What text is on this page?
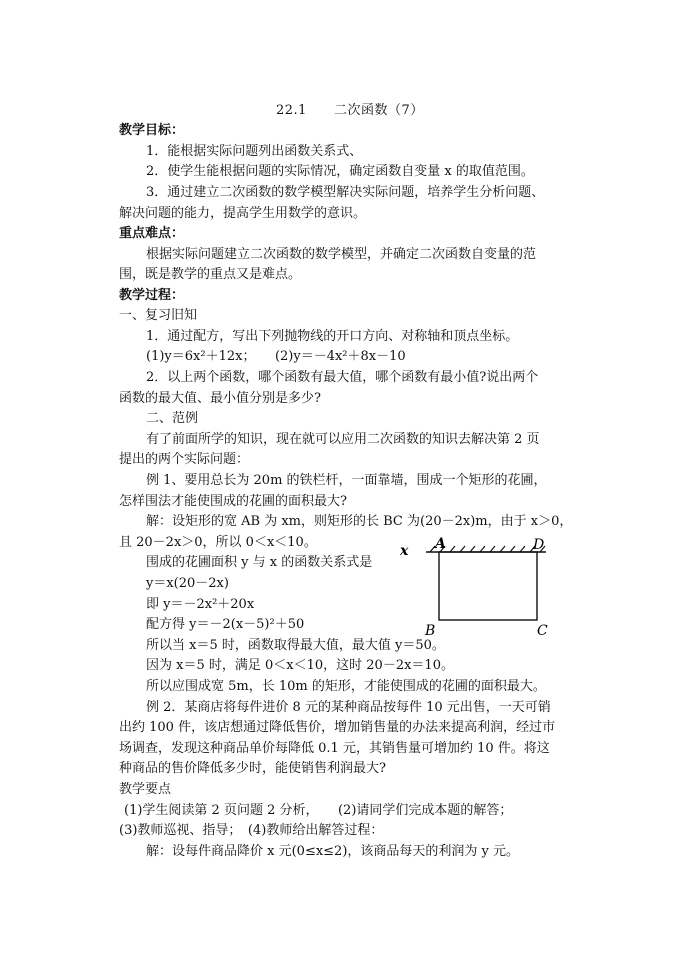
22.1　　二次函数（7）
教学目标：
1．能根据实际问题列出函数关系式、
2．使学生能根据问题的实际情况，确定函数自变量 x 的取值范围。
3．通过建立二次函数的数学模型解决实际问题，培养学生分析问题、
解决问题的能力，提高学生用数学的意识。
重点难点：
根据实际问题建立二次函数的数学模型，并确定二次函数自变量的范
围，既是教学的重点又是难点。
教学过程：
一、复习旧知
1．通过配方，写出下列抛物线的开口方向、对称轴和顶点坐标。
(1)y＝6x²＋12x；　　(2)y＝－4x²＋8x－10
2．以上两个函数，哪个函数有最大值，哪个函数有最小值?说出两个
函数的最大值、最小值分别是多少?
二、范例
有了前面所学的知识，现在就可以应用二次函数的知识去解决第 2 页
提出的两个实际问题：
例 1、要用总长为 20m 的铁栏杆，一面靠墙，围成一个矩形的花圃，
怎样围法才能使围成的花圃的面积最大?
解：设矩形的宽 AB 为 xm，则矩形的长 BC 为(20－2x)m，由于 x＞0，
且 20－2x＞0，所以 0＜x＜10。
围成的花圃面积 y 与 x 的函数关系式是
y＝x(20－2x)
即 y＝－2x²＋20x
配方得 y＝－2(x－5)²＋50
所以当 x＝5 时，函数取得最大值，最大值 y＝50。
因为 x＝5 时，满足 0＜x＜10，这时 20－2x＝10。
所以应围成宽 5m，长 10m 的矩形，才能使围成的花圃的面积最大。
例 2．某商店将每件进价 8 元的某种商品按每件 10 元出售，一天可销
出约 100 件，该店想通过降低售价，增加销售量的办法来提高利润，经过市
场调查，发现这种商品单价每降低 0.1 元，其销售量可增加约 10 件。将这
种商品的售价降低多少时，能使销售利润最大?
教学要点
(1)学生阅读第 2 页问题 2 分析，　　(2)请同学们完成本题的解答；
(3)教师巡视、指导；　(4)教师给出解答过程：
解：设每件商品降价 x 元(0≤x≤2)，该商品每天的利润为 y 元。
x A	D
B	C
